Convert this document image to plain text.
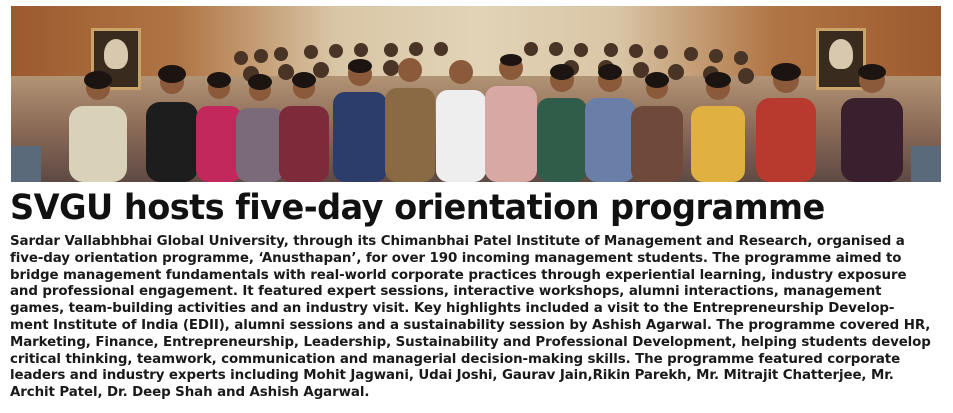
SVGU hosts five-day orientation programme

Sardar Vallabhbhai Global University, through its Chimanbhai Patel Institute of Management and Research, organised a
five-day orientation programme, ‘Anusthapan’, for over 190 incoming management students. The programme aimed to
bridge management fundamentals with real-world corporate practices through experiential learning, industry exposure
and professional engagement. It featured expert sessions, interactive workshops, alumni interactions, management
games, team-building activities and an industry visit. Key highlights included a visit to the Entrepreneurship Develop-
ment Institute of India (EDII), alumni sessions and a sustainability session by Ashish Agarwal. The programme covered HR,
Marketing, Finance, Entrepreneurship, Leadership, Sustainability and Professional Development, helping students develop
critical thinking, teamwork, communication and managerial decision-making skills. The programme featured corporate
leaders and industry experts including Mohit Jagwani, Udai Joshi, Gaurav Jain,Rikin Parekh, Mr. Mitrajit Chatterjee, Mr.
Archit Patel, Dr. Deep Shah and Ashish Agarwal.
